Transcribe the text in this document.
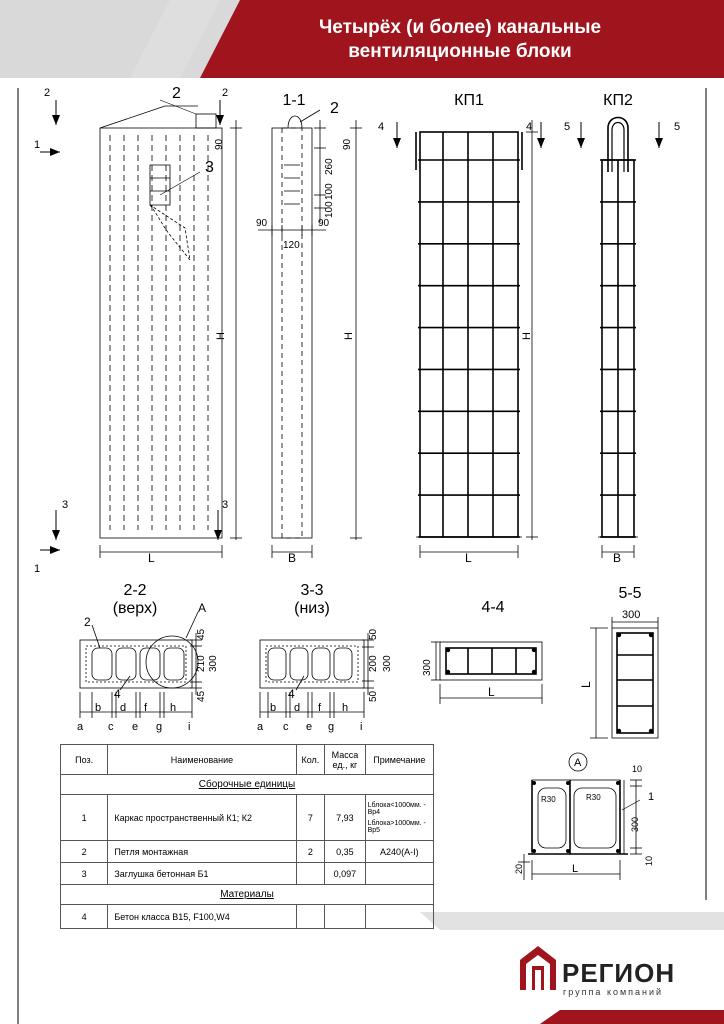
Четырёх (и более) канальные
вентиляционные блоки
2	2
1
3	3
1
2
3
90
H
L
1-1 2
90
260
100
100
90
120
90
H
B
КП1
4	4
H
L
КП2
5	5
B
2-2
(верх)	A
2
4
45
210 300
45
a
b
c
d
e
f
g
h
i
3-3
(низ)
4
50
200 300
50
a
b
c
d
e
f
g
h
i
4-4
300
L
5-5
300
L
A
R30	R30
10
1
300
10
20	L
РЕГИОН
группа компаний
Поз.	Наименование	Кол.	Масса ед., кг	Примечание
Сборочные единицы				
1	Каркас пространственный К1; К2	7	7,93	Lблока<1000мм. - Вр4
Lблока>1000мм. - Вр5

2	Петля монтажная	2	0,35	A240(A-I)
3	Заглушка бетонная Б1		0,097	
Материалы				
4	Бетон класса В15, F100,W4			
